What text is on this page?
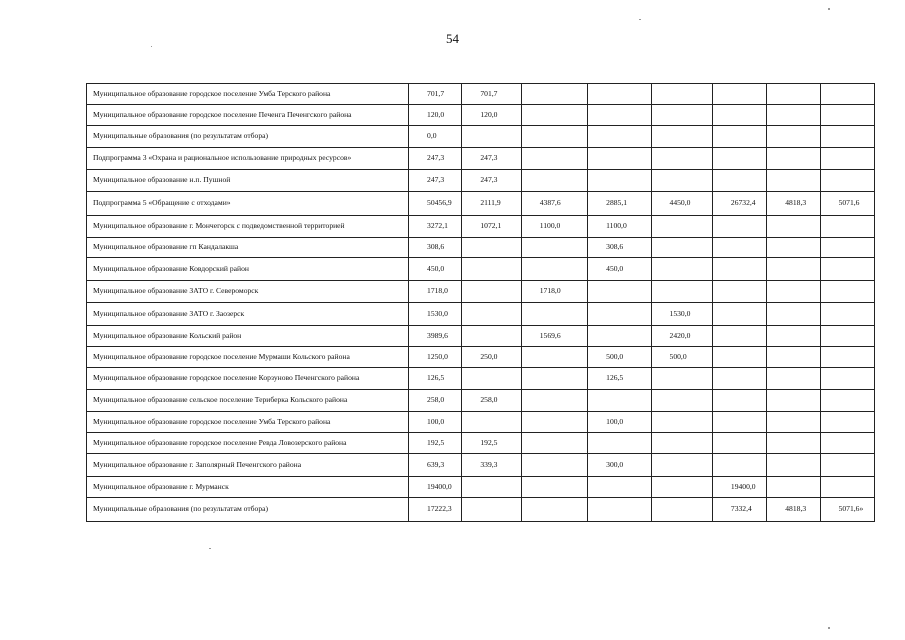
54
Муниципальное образование городское поселение Умба Терского района	701,7	701,7						
Муниципальное образование городское поселение Печенга Печенгского района	120,0	120,0						
Муниципальные образования (по результатам отбора)	0,0							
Подпрограмма 3 «Охрана и рациональное использование природных ресурсов»	247,3	247,3						
Муниципальное образование н.п. Пушной	247,3	247,3						
Подпрограмма 5 «Обращение с отходами»	50456,9	2111,9	4387,6	2885,1	4450,0	26732,4	4818,3	5071,6
Муниципальное образование г. Мончегорск с подведомственной территорией	3272,1	1072,1	1100,0	1100,0				
Муниципальное образование гп Кандалакша	308,6			308,6				
Муниципальное образование Ковдорский район	450,0			450,0				
Муниципальное образование ЗАТО г. Североморск	1718,0		1718,0					
Муниципальное образование ЗАТО г. Заозерск	1530,0				1530,0			
Муниципальное образование Кольский район	3989,6		1569,6		2420,0			
Муниципальное образование городское поселение Мурмаши Кольского района	1250,0	250,0		500,0	500,0			
Муниципальное образование городское поселение Корзуново Печенгского района	126,5			126,5				
Муниципальное образование сельское поселение Териберка Кольского района	258,0	258,0						
Муниципальное образование городское поселение Умба Терского района	100,0			100,0				
Муниципальное образование городское поселение Ревда Ловозерского района	192,5	192,5						
Муниципальное образование г. Заполярный Печенгского района	639,3	339,3		300,0				
Муниципальное образование г. Мурманск	19400,0					19400,0		
Муниципальные образования (по результатам отбора)	17222,3					7332,4	4818,3	5071,6»
